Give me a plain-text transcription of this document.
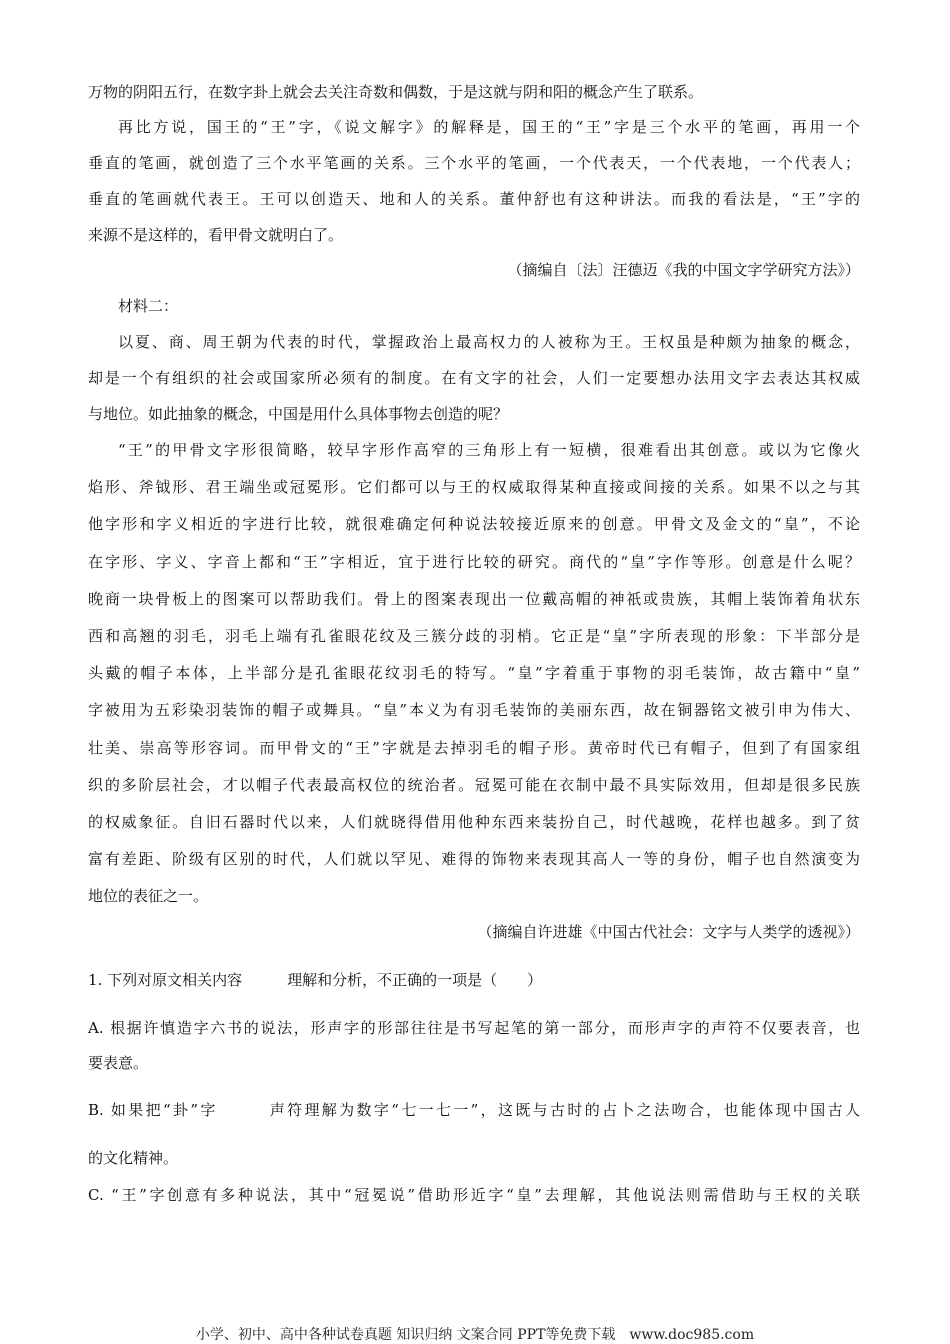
万物的阴阳五行，在数字卦上就会去关注奇数和偶数，于是这就与阴和阳的概念产生了联系。
再比方说，国王的“王”字，《说文解字》的解释是，国王的“王”字是三个水平的笔画，再用一个
垂直的笔画，就创造了三个水平笔画的关系。三个水平的笔画，一个代表天，一个代表地，一个代表人；
垂直的笔画就代表王。王可以创造天、地和人的关系。董仲舒也有这种讲法。而我的看法是，“王”字的
来源不是这样的，看甲骨文就明白了。
（摘编自〔法〕汪德迈《我的中国文字学研究方法》）
材料二：
以夏、商、周王朝为代表的时代，掌握政治上最高权力的人被称为王。王权虽是种颇为抽象的概念，
却是一个有组织的社会或国家所必须有的制度。在有文字的社会，人们一定要想办法用文字去表达其权威
与地位。如此抽象的概念，中国是用什么具体事物去创造的呢？
“王”的甲骨文字形很简略，较早字形作高窄的三角形上有一短横，很难看出其创意。或以为它像火
焰形、斧钺形、君王端坐或冠冕形。它们都可以与王的权威取得某种直接或间接的关系。如果不以之与其
他字形和字义相近的字进行比较，就很难确定何种说法较接近原来的创意。甲骨文及金文的“皇”，不论
在字形、字义、字音上都和“王”字相近，宜于进行比较的研究。商代的“皇”字作等形。创意是什么呢？
晚商一块骨板上的图案可以帮助我们。骨上的图案表现出一位戴高帽的神祇或贵族，其帽上装饰着角状东
西和高翘的羽毛，羽毛上端有孔雀眼花纹及三簇分歧的羽梢。它正是“皇”字所表现的形象：下半部分是
头戴的帽子本体，上半部分是孔雀眼花纹羽毛的特写。“皇”字着重于事物的羽毛装饰，故古籍中“皇”
字被用为五彩染羽装饰的帽子或舞具。“皇”本义为有羽毛装饰的美丽东西，故在铜器铭文被引申为伟大、
壮美、崇高等形容词。而甲骨文的“王”字就是去掉羽毛的帽子形。黄帝时代已有帽子，但到了有国家组
织的多阶层社会，才以帽子代表最高权位的统治者。冠冕可能在衣制中最不具实际效用，但却是很多民族
的权威象征。自旧石器时代以来，人们就晓得借用他种东西来装扮自己，时代越晚，花样也越多。到了贫
富有差距、阶级有区别的时代，人们就以罕见、难得的饰物来表现其高人一等的身份，帽子也自然演变为
地位的表征之一。
（摘编自许进雄《中国古代社会：文字与人类学的透视》）
1. 下列对原文相关内容　　　理解和分析，不正确的一项是（　　）
A. 根据许慎造字六书的说法，形声字的形部往往是书写起笔的第一部分，而形声字的声符不仅要表音，也
要表意。
B. 如果把“卦”字　　　声符理解为数字“七一七一”，这既与古时的占卜之法吻合，也能体现中国古人
的文化精神。
C. “王”字创意有多种说法，其中“冠冕说”借助形近字“皇”去理解，其他说法则需借助与王权的关联
小学、初中、高中各种试卷真题 知识归纳 文案合同 PPT等免费下载　www.doc985.com
